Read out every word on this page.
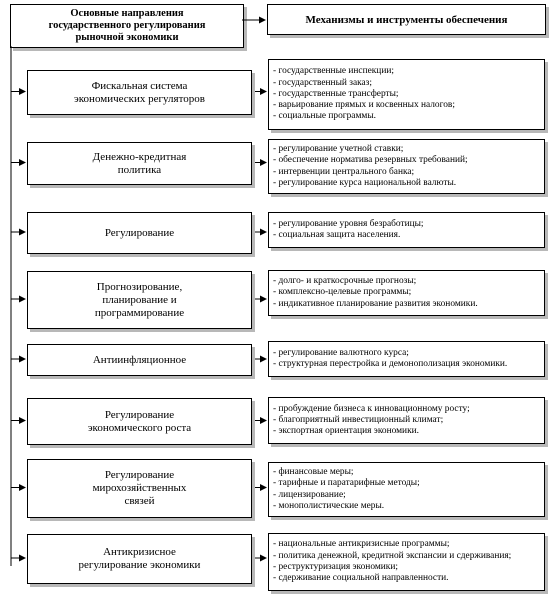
Основные направления
государственного регулирования
рыночной экономики
Механизмы и инструменты обеспечения
Фискальная система
экономических регуляторов
- государственные инспекции;
- государственный заказ;
- государственные трансферты;
- варьирование прямых и косвенных налогов;
- социальные программы.
Денежно-кредитная
политика
- регулирование учетной ставки;
- обеспечение норматива резервных требований;
- интервенции центрального банка;
- регулирование курса национальной валюты.
Регулирование
- регулирование уровня безработицы;
- социальная защита населения.
Прогнозирование,
планирование и
программирование
- долго- и краткосрочные прогнозы;
- комплексно-целевые программы;
- индикативное планирование развития экономики.
Антиинфляционное
- регулирование валютного курса;
- структурная перестройка и демонополизация экономики.
Регулирование
экономического роста
- пробуждение бизнеса к инновационному росту;
- благоприятный инвестиционный климат;
- экспортная ориентация экономики.
Регулирование
мирохозяйственных
связей
- финансовые меры;
- тарифные и паратарифные методы;
- лицензирование;
- монополистические меры.
Антикризисное
регулирование экономики
- национальные антикризисные программы;
- политика денежной, кредитной экспансии и сдерживания;
- реструктуризация экономики;
- сдерживание социальной направленности.
